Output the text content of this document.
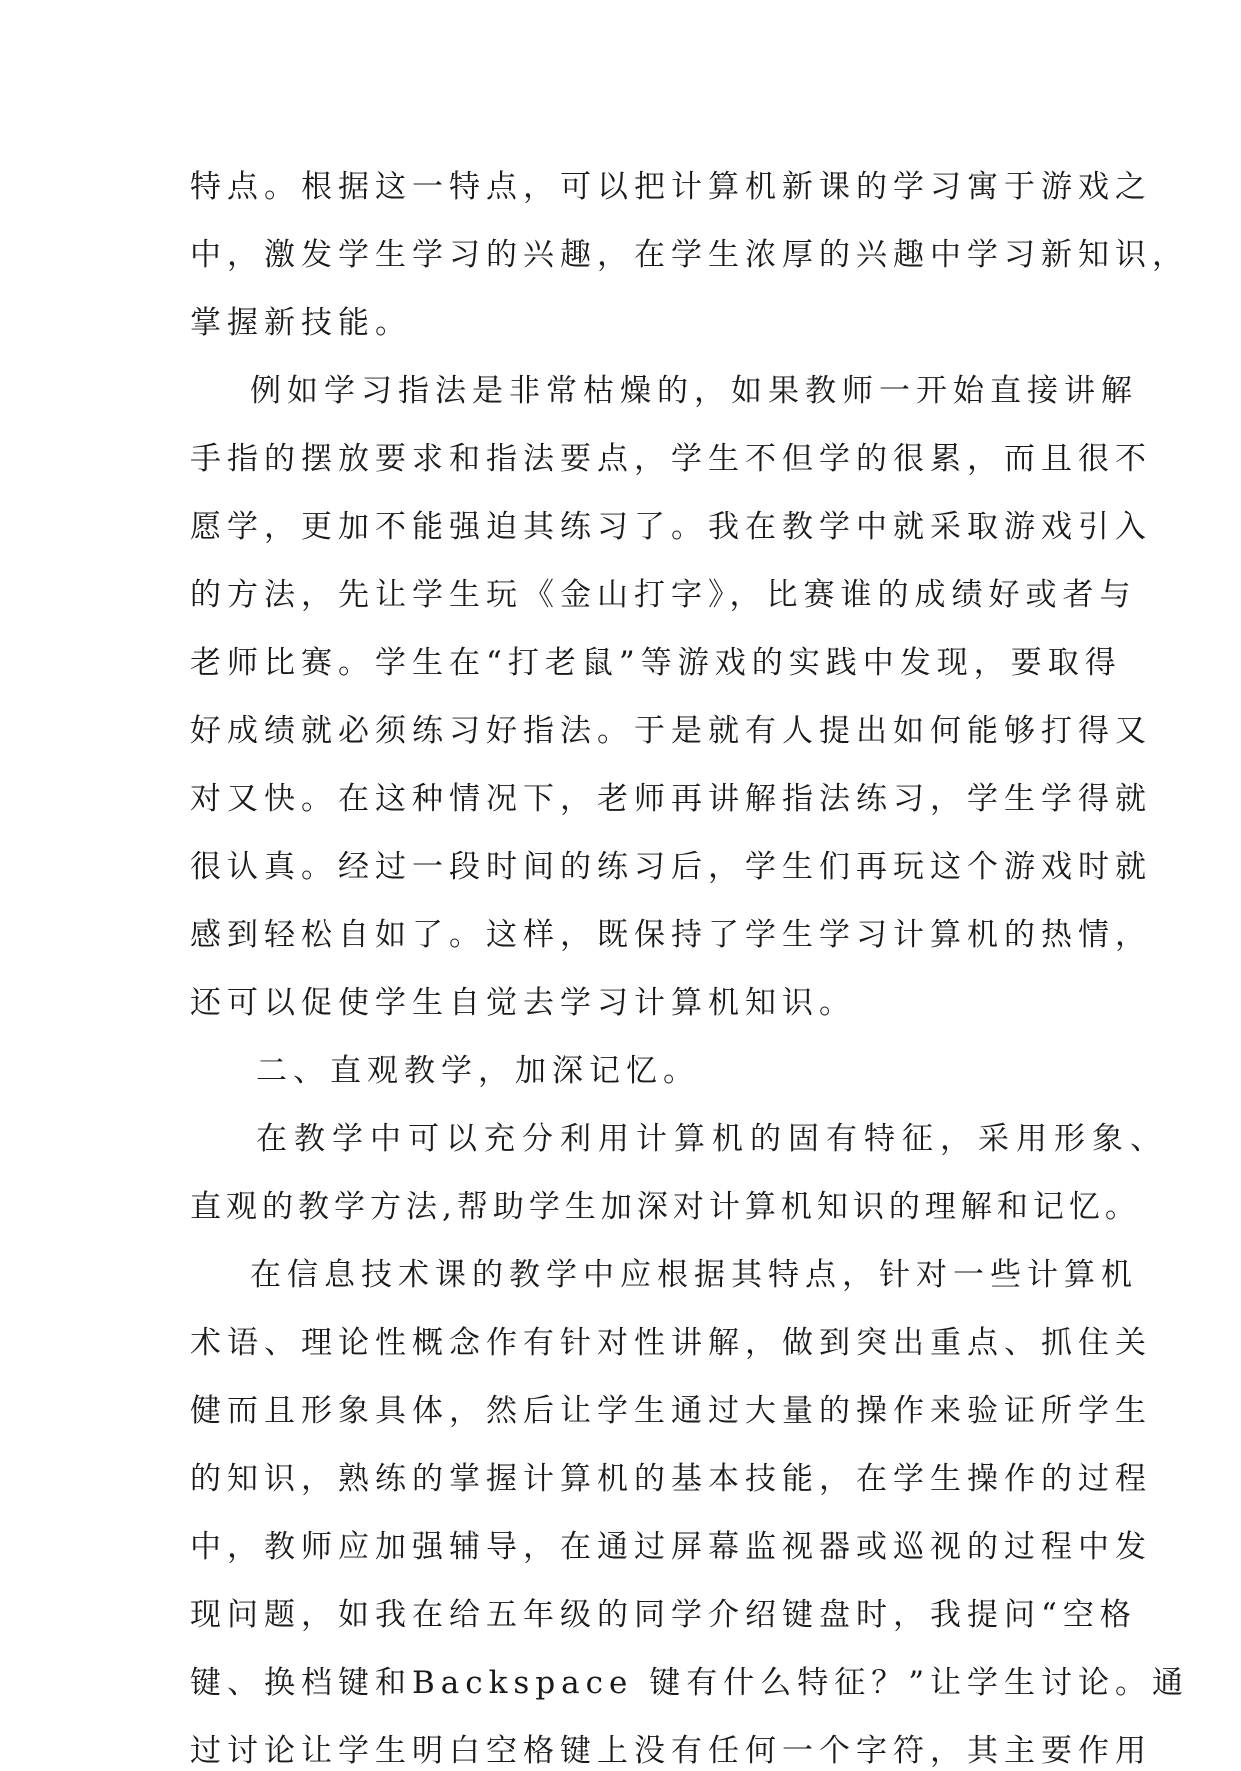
特点。根据这一特点，可以把计算机新课的学习寓于游戏之
中，激发学生学习的兴趣，在学生浓厚的兴趣中学习新知识，
掌握新技能。
例如学习指法是非常枯燥的，如果教师一开始直接讲解
手指的摆放要求和指法要点，学生不但学的很累，而且很不
愿学，更加不能强迫其练习了。我在教学中就采取游戏引入
的方法，先让学生玩《金山打字》，比赛谁的成绩好或者与
老师比赛。学生在“打老鼠”等游戏的实践中发现，要取得
好成绩就必须练习好指法。于是就有人提出如何能够打得又
对又快。在这种情况下，老师再讲解指法练习，学生学得就
很认真。经过一段时间的练习后，学生们再玩这个游戏时就
感到轻松自如了。这样，既保持了学生学习计算机的热情，
还可以促使学生自觉去学习计算机知识。
二、直观教学，加深记忆。
在教学中可以充分利用计算机的固有特征，采用形象、
直观的教学方法,帮助学生加深对计算机知识的理解和记忆。
在信息技术课的教学中应根据其特点，针对一些计算机
术语、理论性概念作有针对性讲解，做到突出重点、抓住关
健而且形象具体，然后让学生通过大量的操作来验证所学生
的知识，熟练的掌握计算机的基本技能，在学生操作的过程
中，教师应加强辅导，在通过屏幕监视器或巡视的过程中发
现问题，如我在给五年级的同学介绍键盘时，我提问“空格
键、换档键和Backspace 键有什么特征？”让学生讨论。通
过讨论让学生明白空格键上没有任何一个字符，其主要作用
